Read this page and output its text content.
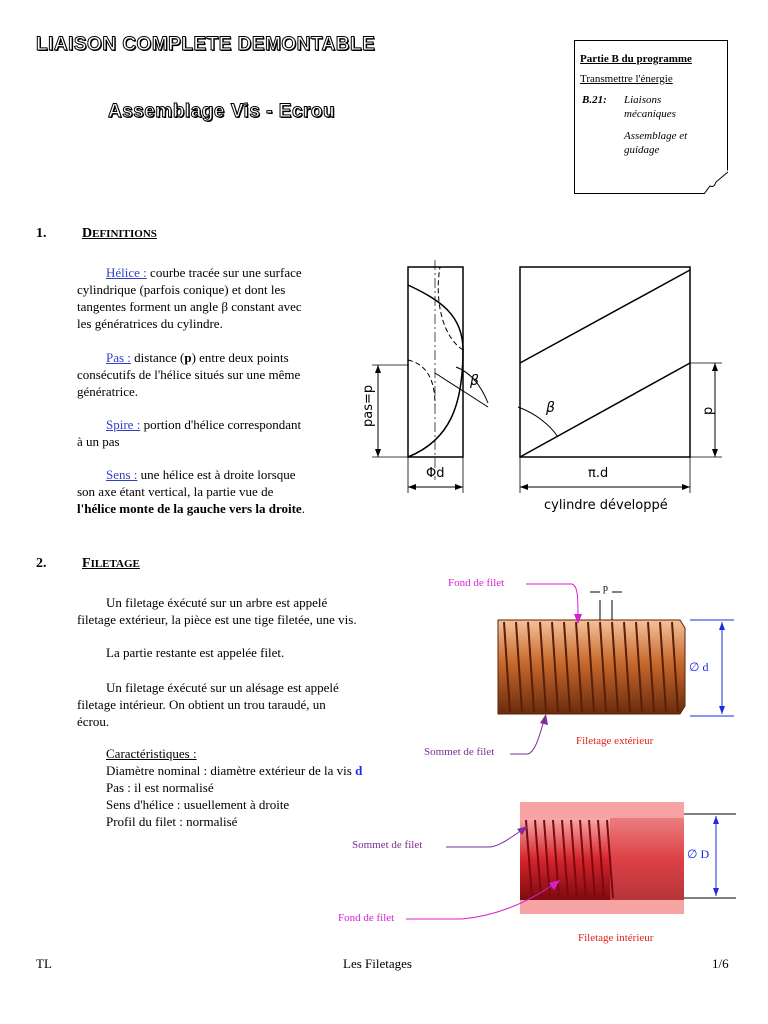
LIAISON COMPLETE DEMONTABLE
Assemblage Vis - Ecrou
Partie B du programme
Transmettre l'énergie
B.21: Liaisons
mécaniques
Assemblage et
guidage
1.	DEFINITIONS
Hélice : courbe tracée sur une surface
cylindrique (parfois conique) et dont les
tangentes forment un angle β constant avec
les génératrices du cylindre.
Pas : distance (p) entre deux points
consécutifs de l'hélice situés sur une même
génératrice.
Spire : portion d'hélice correspondant
à un pas
Sens : une hélice est à droite lorsque
son axe étant vertical, la partie vue de
l'hélice monte de la gauche vers la droite.
pas=p
β
β
Φd	π.d
p
cylindre développé
2.	FILETAGE
Un filetage éxécuté sur un arbre est appelé
filetage extérieur, la pièce est une tige filetée, une vis.
La partie restante est appelée filet.
Un filetage éxécuté sur un alésage est appelé
filetage intérieur. On obtient un trou taraudé, un
écrou.
Caractéristiques :
Diamètre nominal : diamètre extérieur de la vis d
Pas : il est normalisé
Sens d'hélice : usuellement à droite
Profil du filet : normalisé
p
Fond de filet
∅ d
Sommet de filet
Filetage extérieur
∅ D
Sommet de filet
Fond de filet
Filetage intérieur
TL	Les Filetages	1/6
